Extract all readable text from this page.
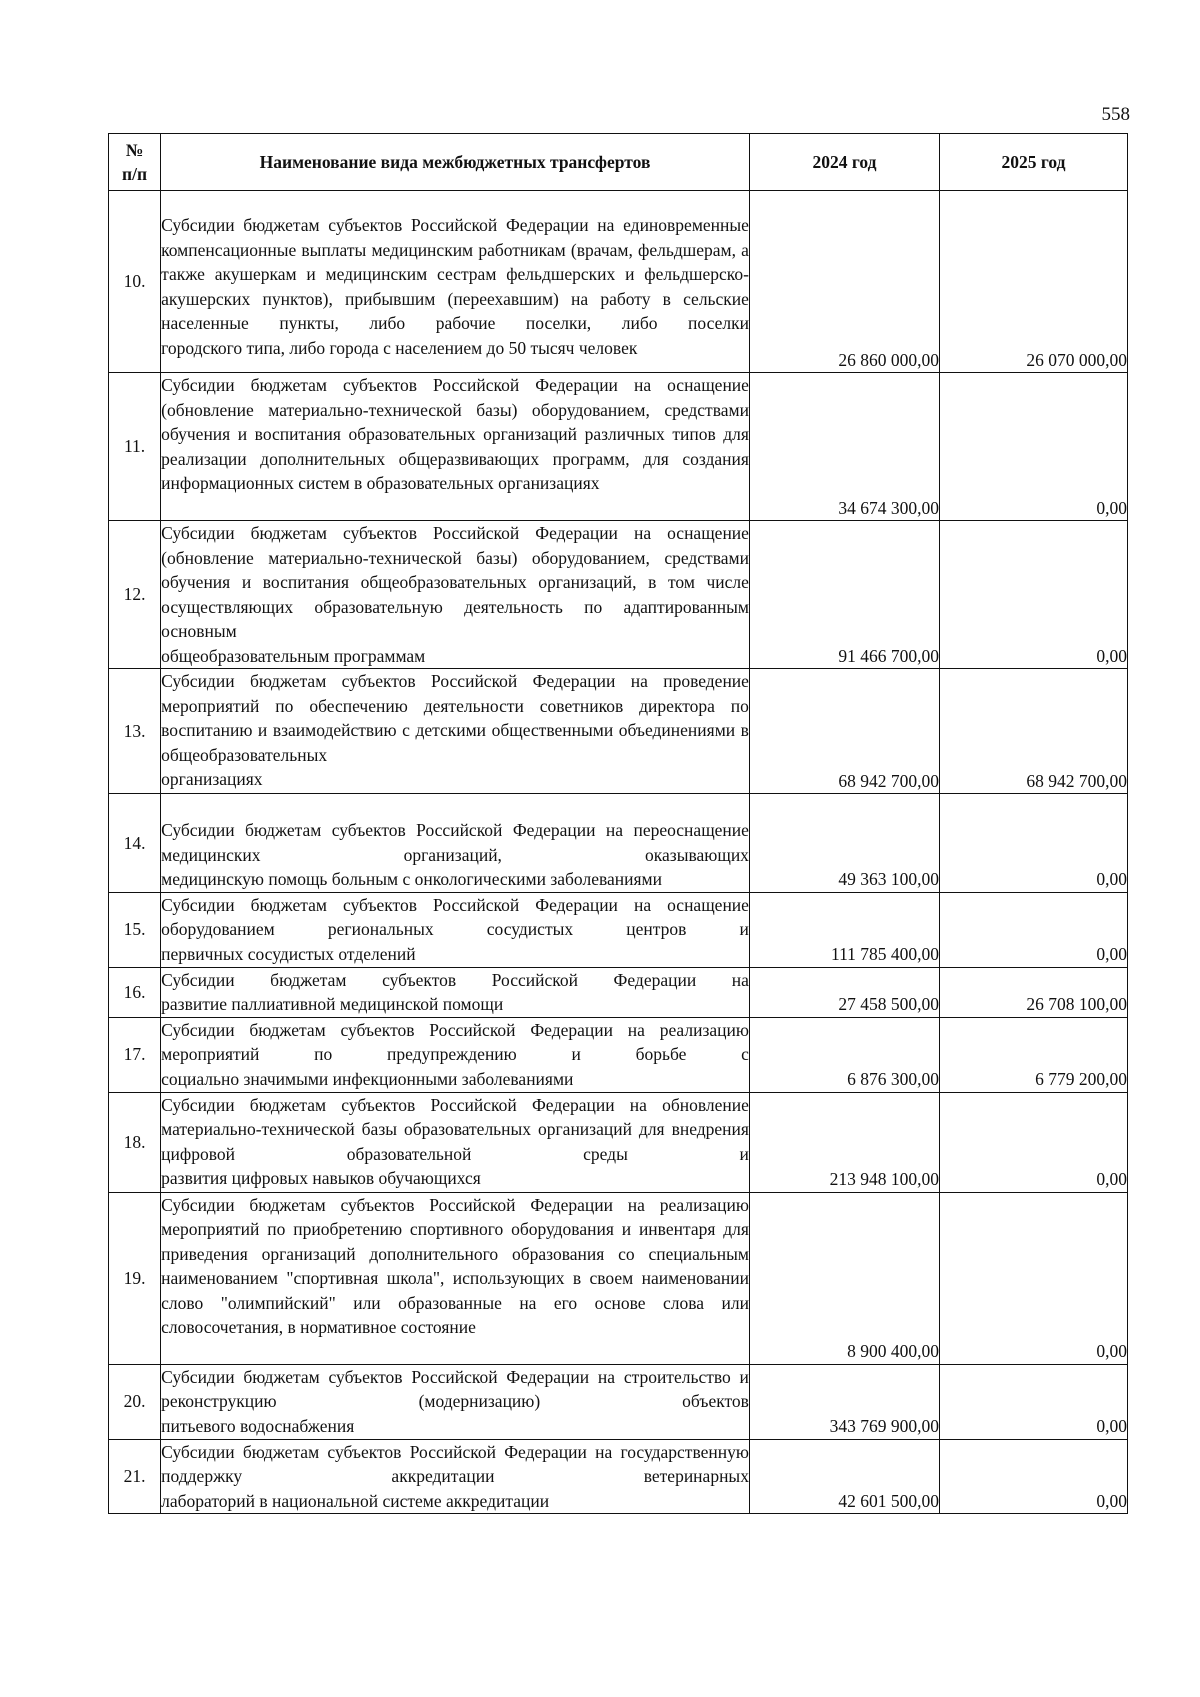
558
№
п/п	Наименование вида межбюджетных трансфертов	2024 год	2025 год
10.	Субсидии бюджетам субъектов Российской Федерации на единовременные компенсационные выплаты медицинским работникам (врачам, фельдшерам, а также акушеркам и медицинским сестрам фельдшерских и фельдшерско-акушерских пунктов), прибывшим (переехавшим) на работу в сельские населенные пункты, либо рабочие поселки, либо поселки
городского типа, либо города с населением до 50 тысяч человек	26 860 000,00	26 070 000,00
11.	Субсидии бюджетам субъектов Российской Федерации на оснащение (обновление материально-технической базы) оборудованием, средствами обучения и воспитания образовательных организаций различных типов для реализации дополнительных общеразвивающих программ, для создания
информационных систем в образовательных организациях	34 674 300,00	0,00
12.	Субсидии бюджетам субъектов Российской Федерации на оснащение (обновление материально-технической базы) оборудованием, средствами обучения и воспитания общеобразовательных организаций, в том числе осуществляющих образовательную деятельность по адаптированным основным
общеобразовательным программам	91 466 700,00	0,00
13.	Субсидии бюджетам субъектов Российской Федерации на проведение мероприятий по обеспечению деятельности советников директора по воспитанию и взаимодействию с детскими общественными объединениями в общеобразовательных
организациях	68 942 700,00	68 942 700,00
14.	Субсидии бюджетам субъектов Российской Федерации на переоснащение медицинских организаций, оказывающих
медицинскую помощь больным с онкологическими заболеваниями	49 363 100,00	0,00
15.	Субсидии бюджетам субъектов Российской Федерации на оснащение оборудованием региональных сосудистых центров и
первичных сосудистых отделений	111 785 400,00	0,00
16.	Субсидии бюджетам субъектов Российской Федерации на
развитие паллиативной медицинской помощи	27 458 500,00	26 708 100,00
17.	Субсидии бюджетам субъектов Российской Федерации на реализацию мероприятий по предупреждению и борьбе с
социально значимыми инфекционными заболеваниями	6 876 300,00	6 779 200,00
18.	Субсидии бюджетам субъектов Российской Федерации на обновление материально-технической базы образовательных организаций для внедрения цифровой образовательной среды и
развития цифровых навыков обучающихся	213 948 100,00	0,00
19.	Субсидии бюджетам субъектов Российской Федерации на реализацию мероприятий по приобретению спортивного оборудования и инвентаря для приведения организаций дополнительного образования со специальным наименованием "спортивная школа", использующих в своем наименовании слово "олимпийский" или образованные на его основе слова или
словосочетания, в нормативное состояние	8 900 400,00	0,00
20.	Субсидии бюджетам субъектов Российской Федерации на строительство и реконструкцию (модернизацию) объектов
питьевого водоснабжения	343 769 900,00	0,00
21.	Субсидии бюджетам субъектов Российской Федерации на государственную поддержку аккредитации ветеринарных
лабораторий в национальной системе аккредитации	42 601 500,00	0,00
